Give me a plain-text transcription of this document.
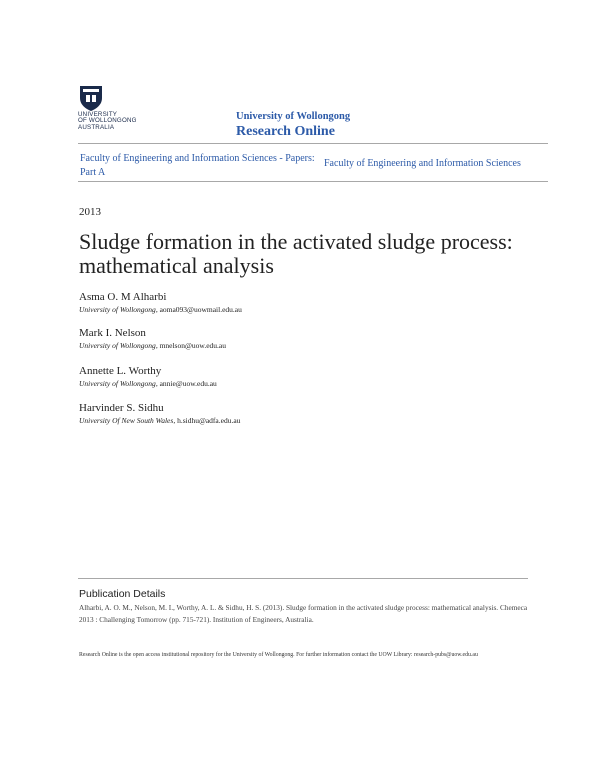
UNIVERSITY
OF WOLLONGONG
AUSTRALIA
University of Wollongong
Research Online
Faculty of Engineering and Information Sciences - Papers: Part A
Faculty of Engineering and Information Sciences
2013
Sludge formation in the activated sludge process: mathematical analysis
Asma O. M Alharbi
University of Wollongong, aoma093@uowmail.edu.au
Mark I. Nelson
University of Wollongong, mnelson@uow.edu.au
Annette L. Worthy
University of Wollongong, annie@uow.edu.au
Harvinder S. Sidhu
University Of New South Wales, h.sidhu@adfa.edu.au
Publication Details
Alharbi, A. O. M., Nelson, M. I., Worthy, A. L. & Sidhu, H. S. (2013). Sludge formation in the activated sludge process: mathematical analysis. Chemeca 2013 : Challenging Tomorrow (pp. 715-721). Institution of Engineers, Australia.
Research Online is the open access institutional repository for the University of Wollongong. For further information contact the UOW Library: research-pubs@uow.edu.au
